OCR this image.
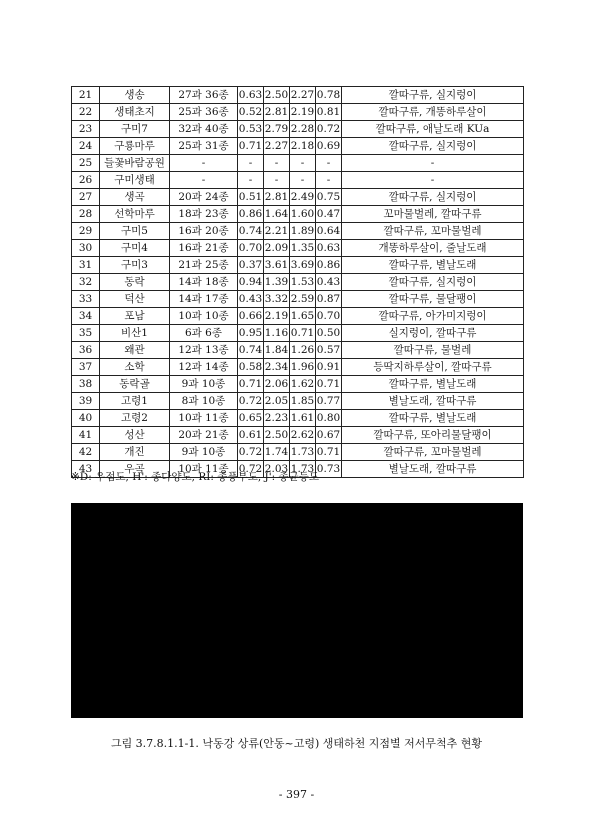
21	생송	27과 36종	0.63	2.50	2.27	0.78	깔따구류, 실지렁이
22	생태초지	25과 36종	0.52	2.81	2.19	0.81	깔따구류, 개똥하루살이
23	구미7	32과 40종	0.53	2.79	2.28	0.72	깔따구류, 애날도래 KUa
24	구룡마루	25과 31종	0.71	2.27	2.18	0.69	깔따구류, 실지렁이
25	들꽃바람공원	-	-	-	-	-	-
26	구미생태	-	-	-	-	-	-
27	생곡	20과 24종	0.51	2.81	2.49	0.75	깔따구류, 실지렁이
28	선학마루	18과 23종	0.86	1.64	1.60	0.47	꼬마물벌레, 깔따구류
29	구미5	16과 20종	0.74	2.21	1.89	0.64	깔따구류, 꼬마물벌레
30	구미4	16과 21종	0.70	2.09	1.35	0.63	개똥하루살이, 줄날도래
31	구미3	21과 25종	0.37	3.61	3.69	0.86	깔따구류, 별날도래
32	동락	14과 18종	0.94	1.39	1.53	0.43	깔따구류, 실지렁이
33	덕산	14과 17종	0.43	3.32	2.59	0.87	깔따구류, 물달팽이
34	포남	10과 10종	0.66	2.19	1.65	0.70	깔따구류, 아가미지렁이
35	비산1	6과 6종	0.95	1.16	0.71	0.50	실지렁이, 깔따구류
36	왜관	12과 13종	0.74	1.84	1.26	0.57	깔따구류, 물벌레
37	소학	12과 14종	0.58	2.34	1.96	0.91	등딱지하루살이, 깔따구류
38	동락골	9과 10종	0.71	2.06	1.62	0.71	깔따구류, 별날도래
39	고령1	8과 10종	0.72	2.05	1.85	0.77	별날도래, 깔따구류
40	고령2	10과 11종	0.65	2.23	1.61	0.80	깔따구류, 별날도래
41	성산	20과 21종	0.61	2.50	2.62	0.67	깔따구류, 또아리물달팽이
42	개진	9과 10종	0.72	1.74	1.73	0.71	깔따구류, 꼬마물벌레
43	우곡	10과 11종	0.72	2.03	1.73	0.73	별날도래, 깔따구류
※D: 우점도, H': 종다양도, RI: 종풍부도, J': 종균등도
그림 3.7.8.1.1-1. 낙동강 상류(안동~고령) 생태하천 지점별 저서무척추 현황
- 397 -
